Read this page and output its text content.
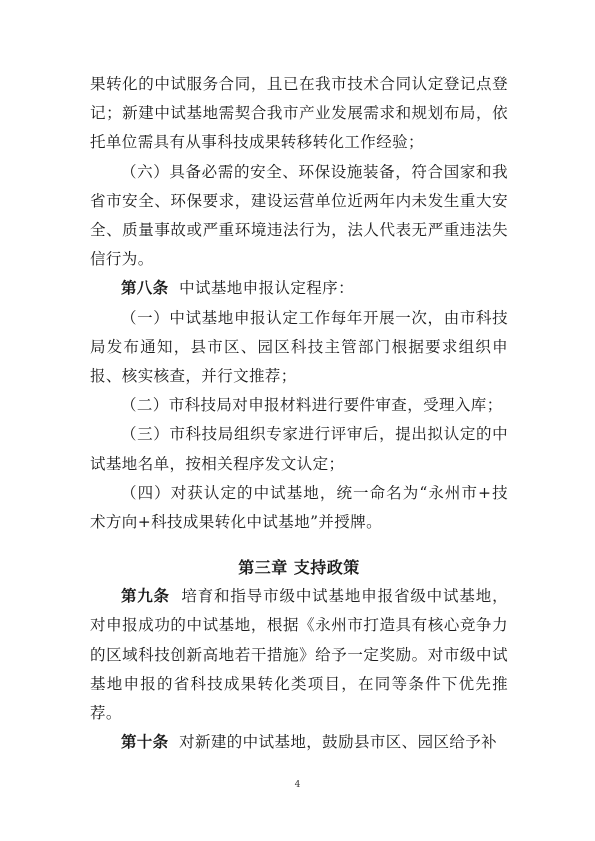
果转化的中试服务合同，且已在我市技术合同认定登记点登记；新建中试基地需契合我市产业发展需求和规划布局，依托单位需具有从事科技成果转移转化工作经验；

（六）具备必需的安全、环保设施装备，符合国家和我省市安全、环保要求，建设运营单位近两年内未发生重大安全、质量事故或严重环境违法行为，法人代表无严重违法失信行为。

第八条 中试基地申报认定程序：

（一）中试基地申报认定工作每年开展一次，由市科技局发布通知，县市区、园区科技主管部门根据要求组织申报、核实核查，并行文推荐；

（二）市科技局对申报材料进行要件审查，受理入库；

（三）市科技局组织专家进行评审后，提出拟认定的中试基地名单，按相关程序发文认定；

（四）对获认定的中试基地，统一命名为“永州市+技术方向+科技成果转化中试基地”并授牌。

第三章 支持政策

第九条 培育和指导市级中试基地申报省级中试基地，对申报成功的中试基地，根据《永州市打造具有核心竞争力的区域科技创新高地若干措施》给予一定奖励。对市级中试基地申报的省科技成果转化类项目，在同等条件下优先推荐。

第十条 对新建的中试基地，鼓励县市区、园区给予补

4
